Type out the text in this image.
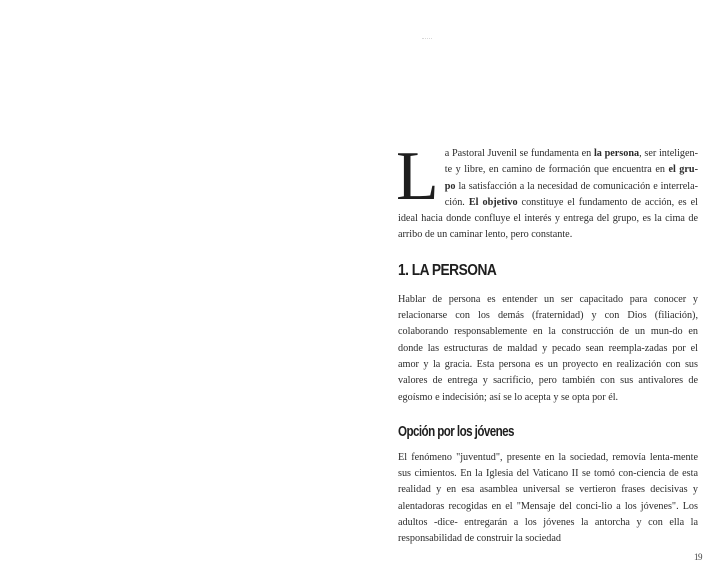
La Pastoral Juvenil se fundamenta en la persona, ser inteligen-te y libre, en camino de formación que encuentra en el gru-po la satisfacción a la necesidad de comunicación e interrela-ción. El objetivo constituye el fundamento de acción, es el ideal hacia donde confluye el interés y entrega del grupo, es la cima de arribo de un caminar lento, pero constante.

1. LA PERSONA

Hablar de persona es entender un ser capacitado para conocer y relacionarse con los demás (fraternidad) y con Dios (filiación), colaborando responsablemente en la construcción de un mun-do en donde las estructuras de maldad y pecado sean reempla-zadas por el amor y la gracia. Esta persona es un proyecto en realización con sus valores de entrega y sacrificio, pero también con sus antivalores de egoísmo e indecisión; así se lo acepta y se opta por él.

Opción por los jóvenes

El fenómeno "juventud", presente en la sociedad, removía lenta-mente sus cimientos. En la Iglesia del Vaticano II se tomó con-ciencia de esta realidad y en esa asamblea universal se vertieron frases decisivas y alentadoras recogidas en el "Mensaje del conci-lio a los jóvenes". Los adultos -dice- entregarán a los jóvenes la antorcha y con ella la responsabilidad de construir la sociedad

19
